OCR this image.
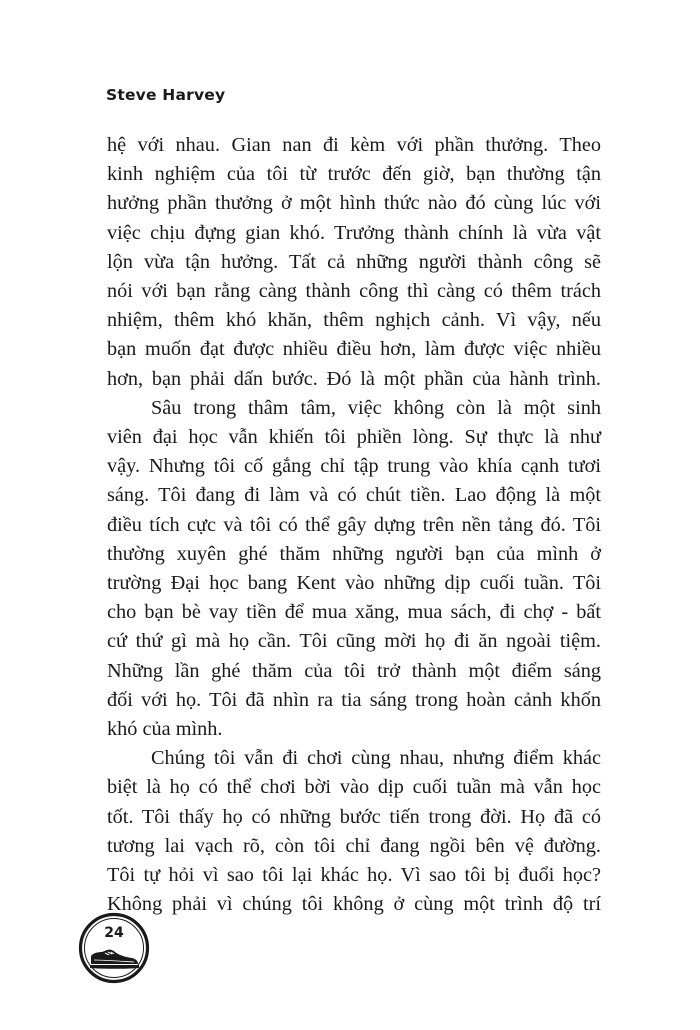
Steve Harvey
hệ với nhau. Gian nan đi kèm với phần thưởng. Theo
kinh nghiệm của tôi từ trước đến giờ, bạn thường tận
hưởng phần thưởng ở một hình thức nào đó cùng lúc với
việc chịu đựng gian khó. Trưởng thành chính là vừa vật
lộn vừa tận hưởng. Tất cả những người thành công sẽ
nói với bạn rằng càng thành công thì càng có thêm trách
nhiệm, thêm khó khăn, thêm nghịch cảnh. Vì vậy, nếu
bạn muốn đạt được nhiều điều hơn, làm được việc nhiều
hơn, bạn phải dấn bước. Đó là một phần của hành trình.
Sâu trong thâm tâm, việc không còn là một sinh
viên đại học vẫn khiến tôi phiền lòng. Sự thực là như
vậy. Nhưng tôi cố gắng chỉ tập trung vào khía cạnh tươi
sáng. Tôi đang đi làm và có chút tiền. Lao động là một
điều tích cực và tôi có thể gây dựng trên nền tảng đó. Tôi
thường xuyên ghé thăm những người bạn của mình ở
trường Đại học bang Kent vào những dịp cuối tuần. Tôi
cho bạn bè vay tiền để mua xăng, mua sách, đi chợ - bất
cứ thứ gì mà họ cần. Tôi cũng mời họ đi ăn ngoài tiệm.
Những lần ghé thăm của tôi trở thành một điểm sáng
đối với họ. Tôi đã nhìn ra tia sáng trong hoàn cảnh khốn
khó của mình.
Chúng tôi vẫn đi chơi cùng nhau, nhưng điểm khác
biệt là họ có thể chơi bời vào dịp cuối tuần mà vẫn học
tốt. Tôi thấy họ có những bước tiến trong đời. Họ đã có
tương lai vạch rõ, còn tôi chỉ đang ngồi bên vệ đường.
Tôi tự hỏi vì sao tôi lại khác họ. Vì sao tôi bị đuổi học?
Không phải vì chúng tôi không ở cùng một trình độ trí
24
